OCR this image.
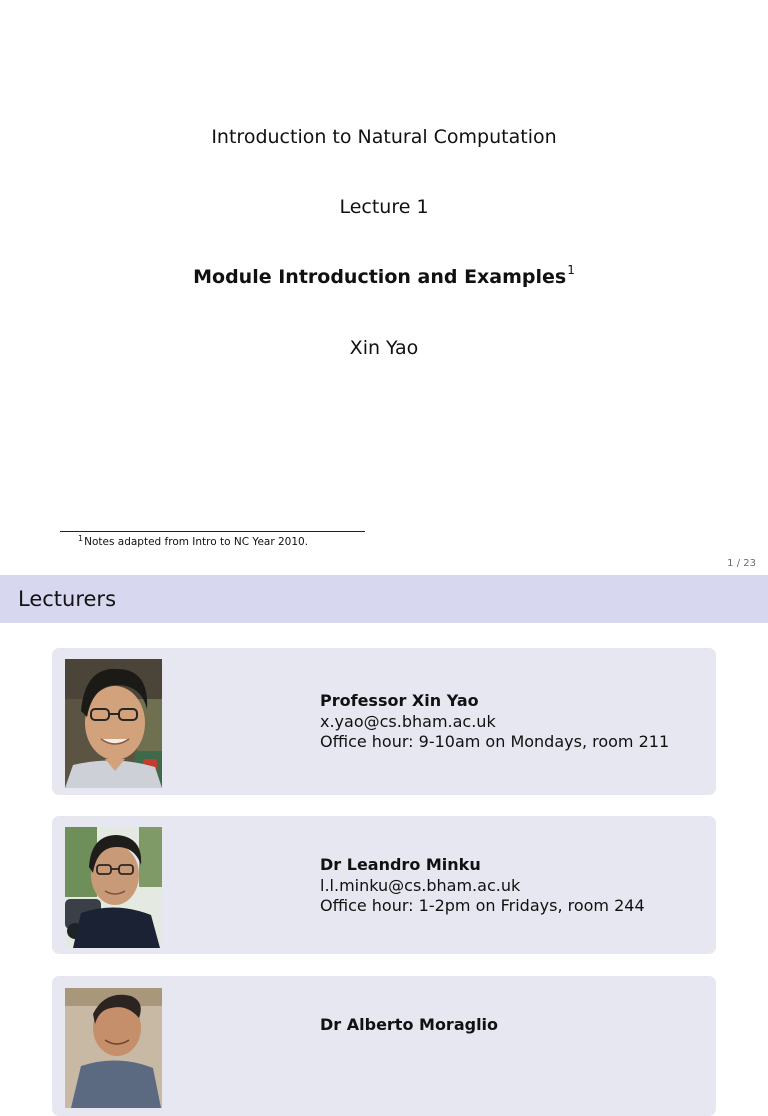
Introduction to Natural Computation
Lecture 1
Module Introduction and Examples$^1$
Xin Yao
$^1$Notes adapted from Intro to NC Year 2010.
1 / 23
Lecturers
Professor Xin Yao
x.yao@cs.bham.ac.uk
Office hour: 9-10am on Mondays, room 211
Dr Leandro Minku
l.l.minku@cs.bham.ac.uk
Office hour: 1-2pm on Fridays, room 244
Dr Alberto Moraglio
